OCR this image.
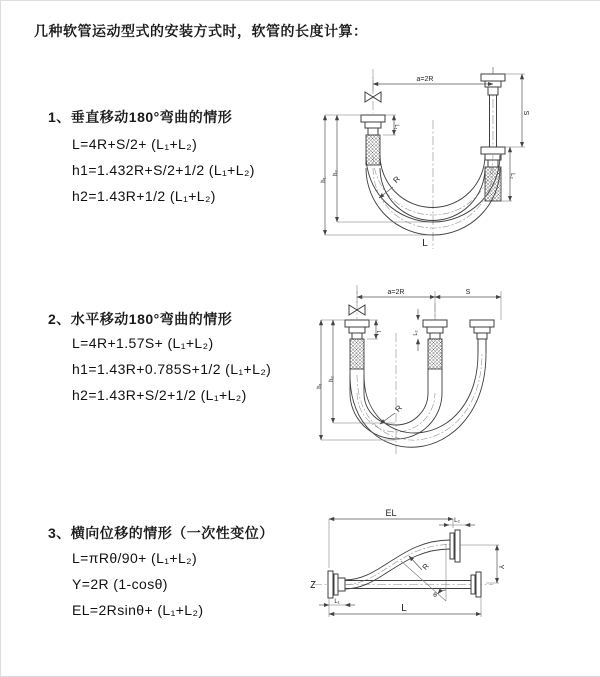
几种软管运动型式的安装方式时，软管的长度计算：
1、垂直移动180°弯曲的情形
L=4R+S/2+ (L₁+L₂)
h1=1.432R+S/2+1/2 (L₁+L₂)
h2=1.43R+1/2 (L₁+L₂)
2、水平移动180°弯曲的情形
L=4R+1.57S+ (L₁+L₂)
h1=1.43R+0.785S+1/2 (L₁+L₂)
h2=1.43R+S/2+1/2 (L₁+L₂)
3、横向位移的情形（一次性变位）
L=πRθ/90+ (L₁+L₂)
Y=2R (1-cosθ)
EL=2Rsinθ+ (L₁+L₂)
a=2R
S
L₂
h₁
h₂
L₁
R
L
a=2R	S
h₁
h₂
L₁	L₂
R
θ
R
EL
L₂
Y
L₁
L
